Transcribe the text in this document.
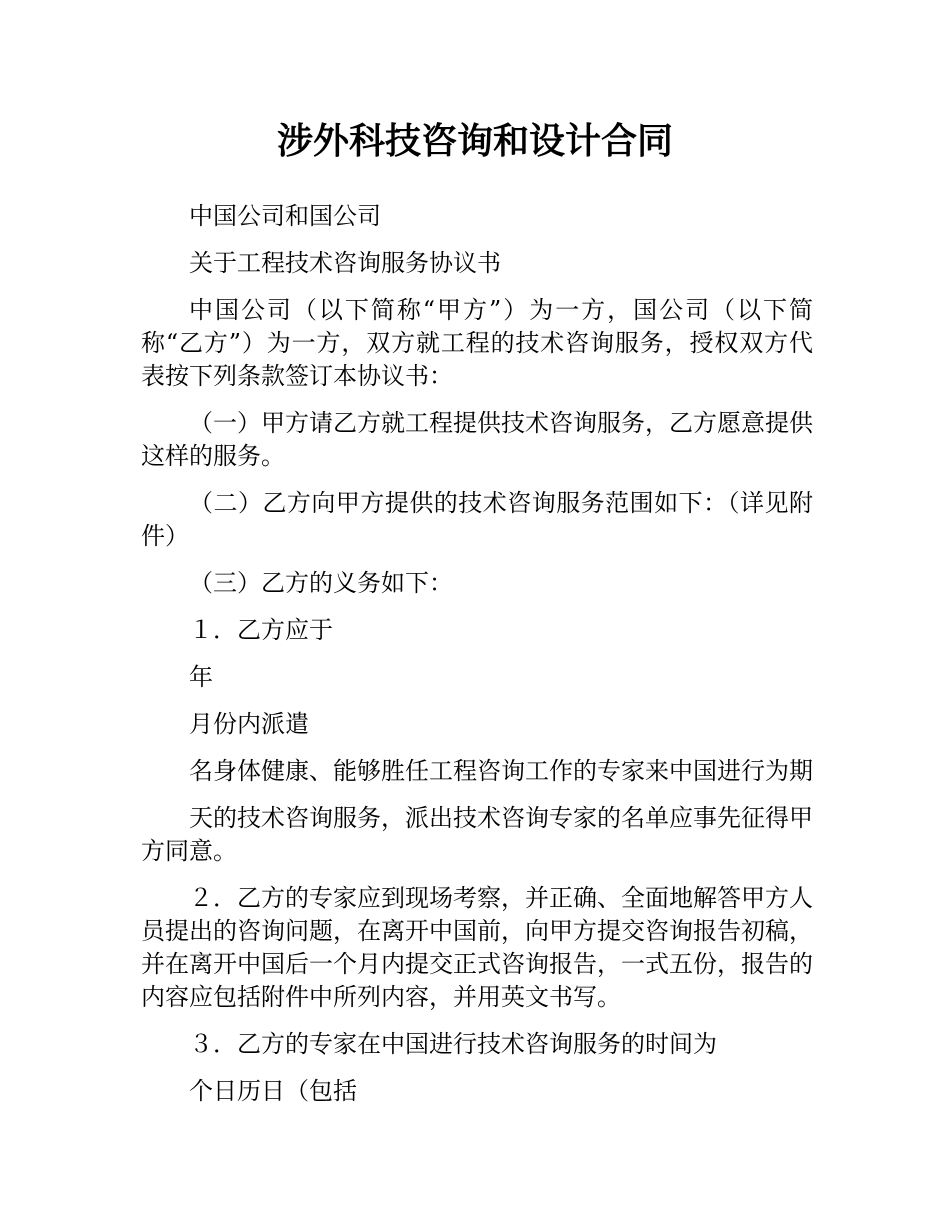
涉外科技咨询和设计合同

中国公司和国公司

关于工程技术咨询服务协议书

中国公司（以下简称“甲方”）为一方，国公司（以下简称“乙方”）为一方，双方就工程的技术咨询服务，授权双方代表按下列条款签订本协议书：

（一）甲方请乙方就工程提供技术咨询服务，乙方愿意提供这样的服务。

（二）乙方向甲方提供的技术咨询服务范围如下：（详见附件）

（三）乙方的义务如下：

１．乙方应于

年

月份内派遣

名身体健康、能够胜任工程咨询工作的专家来中国进行为期

天的技术咨询服务，派出技术咨询专家的名单应事先征得甲方同意。

２．乙方的专家应到现场考察，并正确、全面地解答甲方人员提出的咨询问题，在离开中国前，向甲方提交咨询报告初稿，并在离开中国后一个月内提交正式咨询报告，一式五份，报告的内容应包括附件中所列内容，并用英文书写。

３．乙方的专家在中国进行技术咨询服务的时间为

个日历日（包括
